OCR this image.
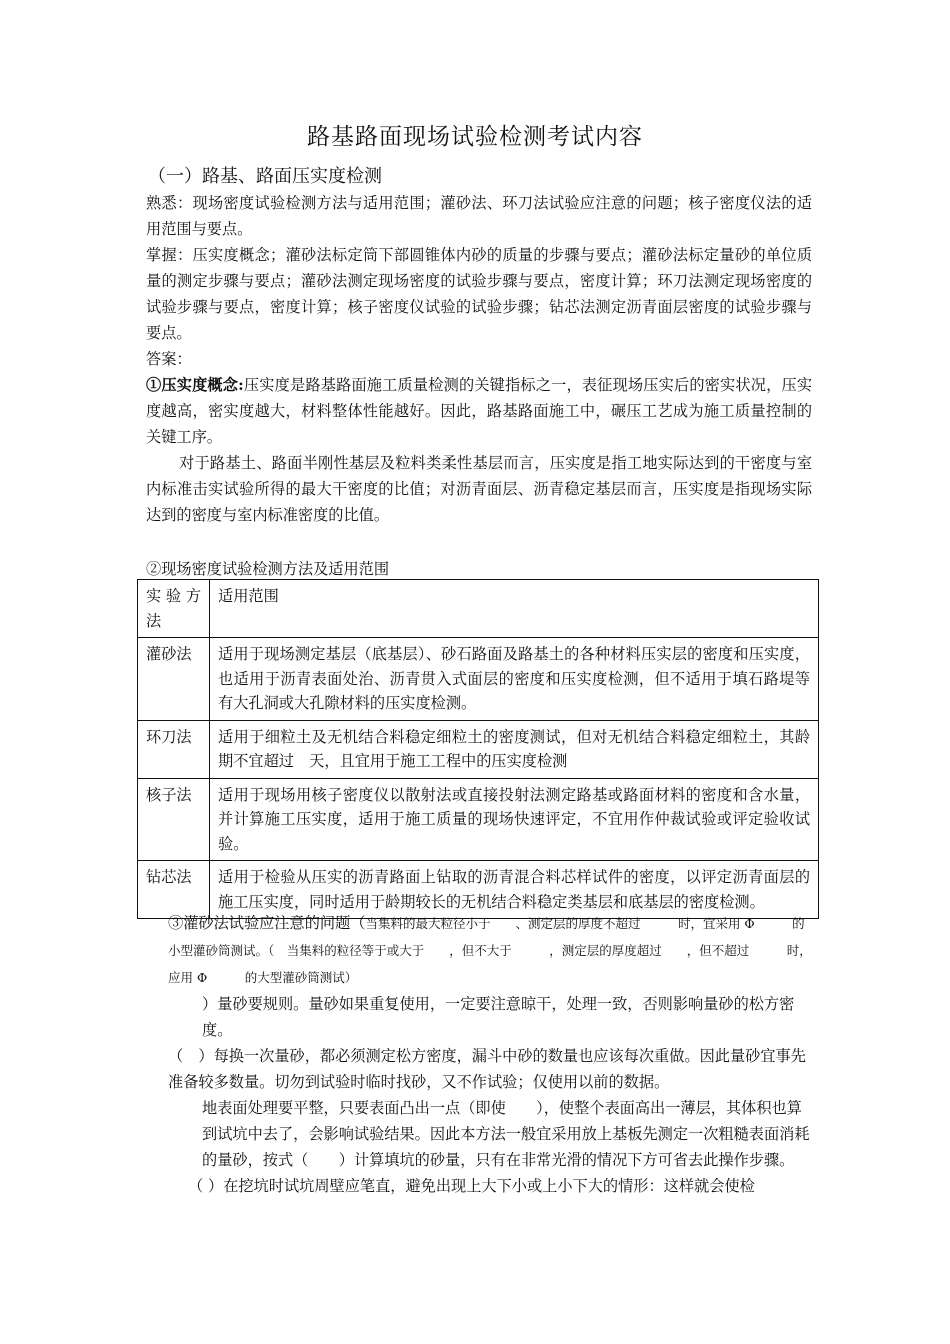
路基路面现场试验检测考试内容
（一）路基、路面压实度检测

熟悉：现场密度试验检测方法与适用范围；灌砂法、环刀法试验应注意的问题；核子密度仪法的适用范围与要点。

掌握：压实度概念；灌砂法标定筒下部圆锥体内砂的质量的步骤与要点；灌砂法标定量砂的单位质量的测定步骤与要点；灌砂法测定现场密度的试验步骤与要点，密度计算；环刀法测定现场密度的试验步骤与要点，密度计算；核子密度仪试验的试验步骤；钻芯法测定沥青面层密度的试验步骤与要点。

答案：

①压实度概念:压实度是路基路面施工质量检测的关键指标之一，表征现场压实后的密实状况，压实度越高，密实度越大，材料整体性能越好。因此，路基路面施工中，碾压工艺成为施工质量控制的关键工序。

对于路基土、路面半刚性基层及粒料类柔性基层而言，压实度是指工地实际达到的干密度与室内标准击实试验所得的最大干密度的比值；对沥青面层、沥青稳定基层而言，压实度是指现场实际达到的密度与室内标准密度的比值。

②现场密度试验检测方法及适用范围
实验方法	适用范围
灌砂法	适用于现场测定基层（底基层）、砂石路面及路基土的各种材料压实层的密度和压实度，也适用于沥青表面处治、沥青贯入式面层的密度和压实度检测，但不适用于填石路堤等有大孔洞或大孔隙材料的压实度检测。
环刀法	适用于细粒土及无机结合料稳定细粒土的密度测试，但对无机结合料稳定细粒土，其龄期不宜超过　天，且宜用于施工工程中的压实度检测
核子法	适用于现场用核子密度仪以散射法或直接投射法测定路基或路面材料的密度和含水量，并计算施工压实度，适用于施工质量的现场快速评定，不宜用作仲裁试验或评定验收试验。
钻芯法	适用于检验从压实的沥青路面上钻取的沥青混合料芯样试件的密度，以评定沥青面层的施工压实度，同时适用于龄期较长的无机结合料稳定类基层和底基层的密度检测。

③灌砂法试验应注意的问题（当集料的最大粒径小于　　、测定层的厚度不超过　　　时，宜采用 Φ　　　的小型灌砂筒测试。（　当集料的粒径等于或大于　　，但不大于　　　，测定层的厚度超过　　，但不超过　　　时，应用 Φ　　　的大型灌砂筒测试）

）量砂要规则。量砂如果重复使用，一定要注意晾干，处理一致，否则影响量砂的松方密度。

（　）每换一次量砂，都必须测定松方密度，漏斗中砂的数量也应该每次重做。因此量砂宜事先准备较多数量。切勿到试验时临时找砂，又不作试验；仅使用以前的数据。

地表面处理要平整，只要表面凸出一点（即使　　），使整个表面高出一薄层，其体积也算到试坑中去了，会影响试验结果。因此本方法一般宜采用放上基板先测定一次粗糙表面消耗的量砂，按式（　　）计算填坑的砂量，只有在非常光滑的情况下方可省去此操作步骤。

（ ）在挖坑时试坑周壁应笔直，避免出现上大下小或上小下大的情形：这样就会使检
